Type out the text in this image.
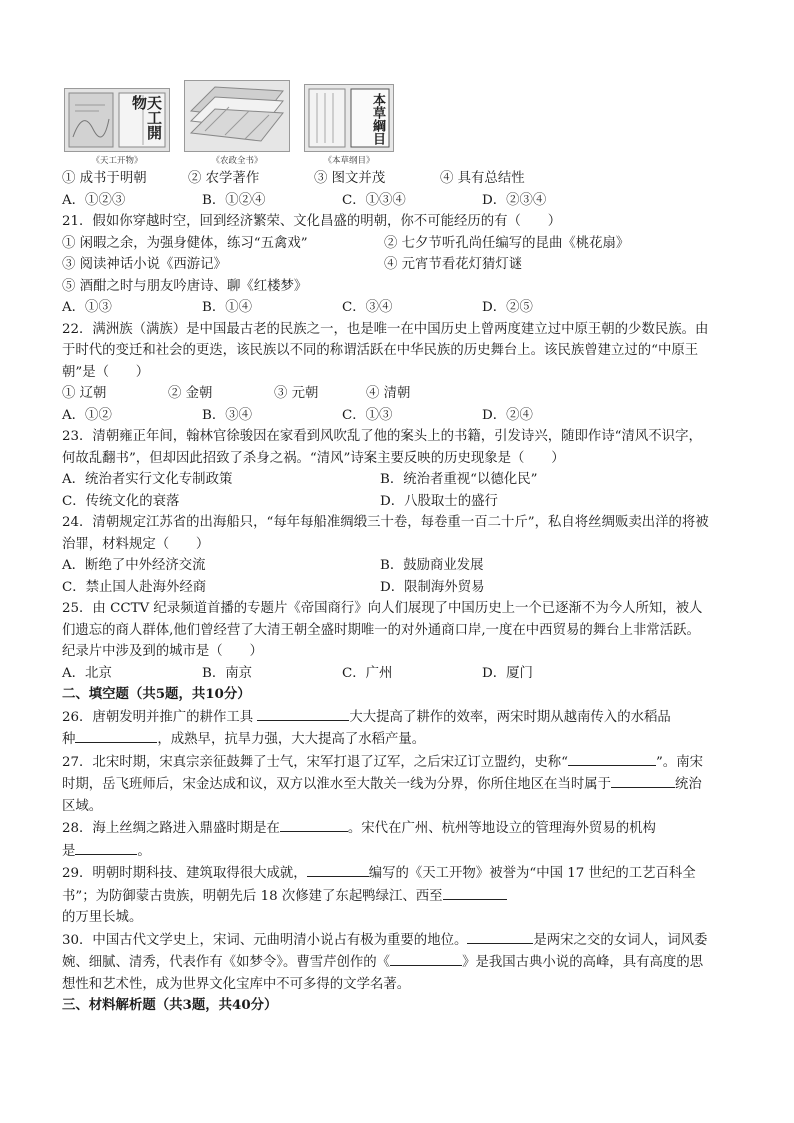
天工開物
《天工开物》	《农政全书》
本草綱目
《本草纲目》
① 成书于明朝	② 农学著作	③ 图文并茂	④ 具有总结性
A．①②③	B．①②④	C．①③④	D．②③④
21．假如你穿越时空，回到经济繁荣、文化昌盛的明朝，你不可能经历的有（　　）
① 闲暇之余，为强身健体，练习“五禽戏”	② 七夕节听孔尚任编写的昆曲《桃花扇》
③ 阅读神话小说《西游记》	④ 元宵节看花灯猜灯谜
⑤ 酒酣之时与朋友吟唐诗、聊《红楼梦》
A．①③	B．①④	C．③④	D．②⑤
22．满洲族（满族）是中国最古老的民族之一，也是唯一在中国历史上曾两度建立过中原王朝的少数民族。由
于时代的变迁和社会的更迭，该民族以不同的称谓活跃在中华民族的历史舞台上。该民族曾建立过的“中原王
朝”是（　　）
① 辽朝	② 金朝	③ 元朝	④ 清朝
A．①②	B．③④	C．①③	D．②④
23．清朝雍正年间，翰林官徐骏因在家看到风吹乱了他的案头上的书籍，引发诗兴，随即作诗“清风不识字，
何故乱翻书”，但却因此招致了杀身之祸。“清风”诗案主要反映的历史现象是（　　）
A．统治者实行文化专制政策	B．统治者重视“以德化民”
C．传统文化的衰落	D．八股取士的盛行
24．清朝规定江苏省的出海船只，“每年每船准绸缎三十卷，每卷重一百二十斤”，私自将丝绸贩卖出洋的将被
治罪，材料规定（　　）
A．断绝了中外经济交流	B．鼓励商业发展
C．禁止国人赴海外经商	D．限制海外贸易
25．由 CCTV 纪录频道首播的专题片《帝国商行》向人们展现了中国历史上一个已逐渐不为今人所知，被人
们遗忘的商人群体,他们曾经营了大清王朝全盛时期唯一的对外通商口岸,一度在中西贸易的舞台上非常活跃。
纪录片中涉及到的城市是（　　）
A．北京	B．南京	C．广州	D．厦门
二、填空题（共5题，共10分）
26．唐朝发明并推广的耕作工具	大大提高了耕作的效率，两宋时期从越南传入的水稻品
种	，成熟早，抗旱力强，大大提高了水稻产量。
27．北宋时期，宋真宗亲征鼓舞了士气，宋军打退了辽军，之后宋辽订立盟约，史称“	”。南宋
时期，岳飞班师后，宋金达成和议，双方以淮水至大散关一线为分界，你所住地区在当时属于	统治
区域。
28．海上丝绸之路进入鼎盛时期是在	。宋代在广州、杭州等地设立的管理海外贸易的机构
是	。
29．明朝时期科技、建筑取得很大成就，	编写的《天工开物》被誉为“中国 17 世纪的工艺百科全
书”；为防御蒙古贵族，明朝先后 18 次修建了东起鸭绿江、西至
的万里长城。
30．中国古代文学史上，宋词、元曲明清小说占有极为重要的地位。	是两宋之交的女词人，词风委
婉、细腻、清秀，代表作有《如梦令》。曹雪芹创作的《	》是我国古典小说的高峰，具有高度的思
想性和艺术性，成为世界文化宝库中不可多得的文学名著。
三、材料解析题（共3题，共40分）
